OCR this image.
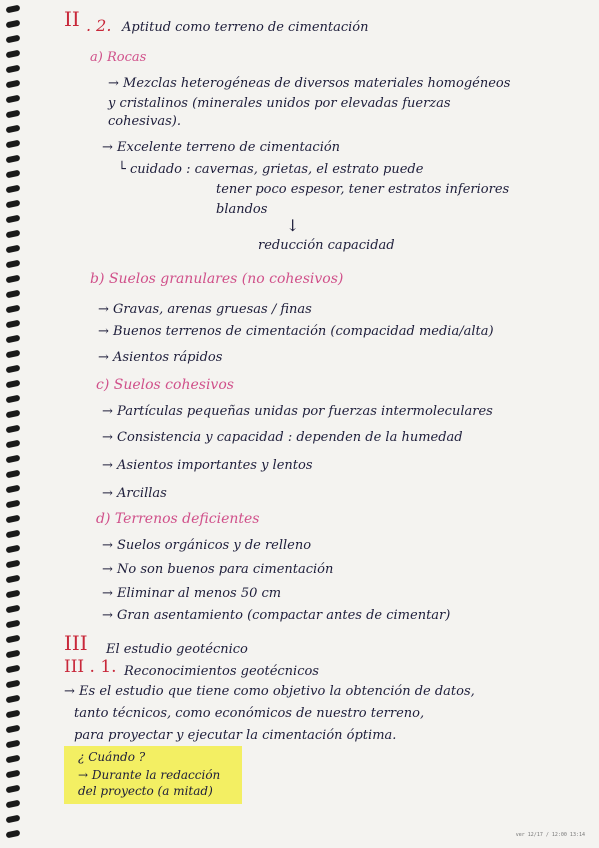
II . 2. Aptitud como terreno de cimentación
a) Rocas
→ Mezclas heterogéneas de diversos materiales homogéneos
y cristalinos (minerales unidos por elevadas fuerzas
cohesivas).
→ Excelente terreno de cimentación
└ cuidado : cavernas, grietas, el estrato puede
tener poco espesor, tener estratos inferiores
blandos
↓
reducción capacidad
b) Suelos granulares (no cohesivos)
→ Gravas, arenas gruesas / finas
→ Buenos terrenos de cimentación (compacidad media/alta)
→ Asientos rápidos
c) Suelos cohesivos
→ Partículas pequeñas unidas por fuerzas intermoleculares
→ Consistencia y capacidad : dependen de la humedad
→ Asientos importantes y lentos
→ Arcillas
d) Terrenos deficientes
→ Suelos orgánicos y de relleno
→ No son buenos para cimentación
→ Eliminar al menos 50 cm
→ Gran asentamiento (compactar antes de cimentar)
III El estudio geotécnico
III . 1. Reconocimientos geotécnicos
→ Es el estudio que tiene como objetivo la obtención de datos,
tanto técnicos, como económicos de nuestro terreno,
para proyectar y ejecutar la cimentación óptima.
¿ Cuándo ?
→ Durante la redacción
del proyecto (a mitad)
ver 12/17 / 12:00 13:14
